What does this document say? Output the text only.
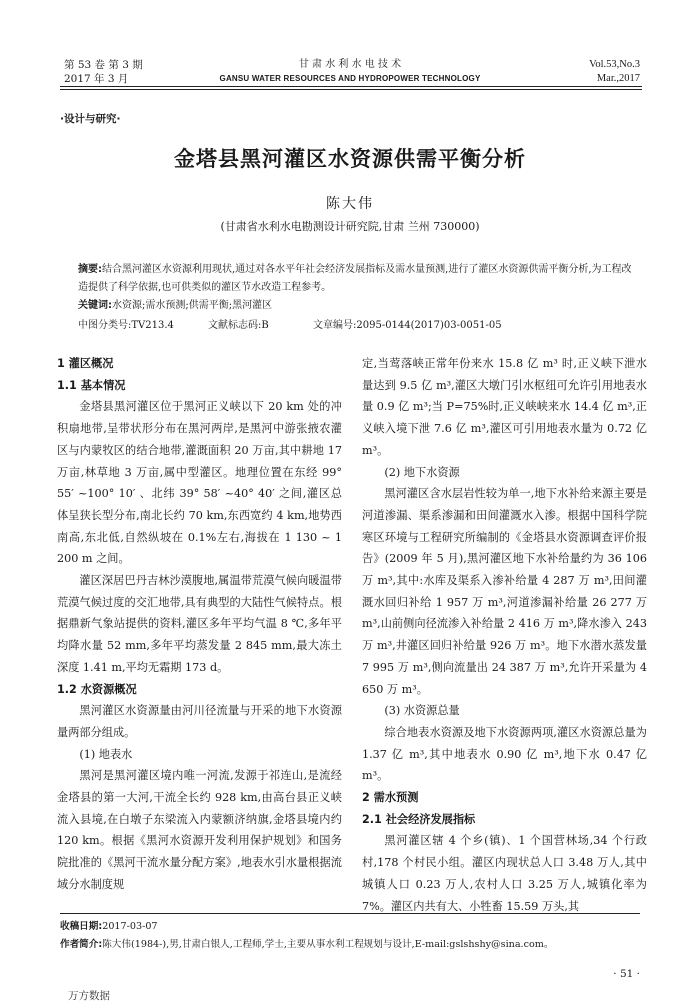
第 53 卷 第 3 期
2017 年 3 月
甘 肃 水 利 水 电 技 术
GANSU WATER RESOURCES AND HYDROPOWER TECHNOLOGY
Vol.53,No.3
Mar.,2017
·设计与研究·
金塔县黑河灌区水资源供需平衡分析
陈大伟
(甘肃省水利水电勘测设计研究院,甘肃 兰州 730000)
摘要:结合黑河灌区水资源利用现状,通过对各水平年社会经济发展指标及需水量预测,进行了灌区水资源供需平衡分析,为工程改造提供了科学依据,也可供类似的灌区节水改造工程参考。
关键词:水资源;需水预测;供需平衡;黑河灌区
中图分类号:TV213.4	文献标志码:B	文章编号:2095-0144(2017)03-0051-05
1 灌区概况
1.1 基本情况

金塔县黑河灌区位于黑河正义峡以下 20 km 处的冲积扇地带,呈带状形分布在黑河两岸,是黑河中游张掖农灌区与内蒙牧区的结合地带,灌溉面积 20 万亩,其中耕地 17 万亩,林草地 3 万亩,属中型灌区。地理位置在东经 99° 55′ ~100° 10′ 、北纬 39° 58′ ~40° 40′ 之间,灌区总体呈狭长型分布,南北长约 70 km,东西宽约 4 km,地势西南高,东北低,自然纵坡在 0.1%左右,海拔在 1 130 ~ 1 200 m 之间。

灌区深居巴丹吉林沙漠腹地,属温带荒漠气候向暖温带荒漠气候过度的交汇地带,具有典型的大陆性气候特点。根据鼎新气象站提供的资料,灌区多年平均气温 8 ℃,多年平均降水量 52 mm,多年平均蒸发量 2 845 mm,最大冻土深度 1.41 m,平均无霜期 173 d。

1.2 水资源概况

黑河灌区水资源量由河川径流量与开采的地下水资源量两部分组成。

(1) 地表水

黑河是黑河灌区境内唯一河流,发源于祁连山,是流经金塔县的第一大河,干流全长约 928 km,由高台县正义峡流入县境,在白墩子东梁流入内蒙额济纳旗,金塔县境内约 120 km。根据《黑河水资源开发利用保护规划》和国务院批准的《黑河干流水量分配方案》,地表水引水量根据流域分水制度规

定,当莺落峡正常年份来水 15.8 亿 m³ 时,正义峡下泄水量达到 9.5 亿 m³,灌区大墩门引水枢纽可允许引用地表水量 0.9 亿 m³;当 P=75%时,正义峡峡来水 14.4 亿 m³,正义峡入境下泄 7.6 亿 m³,灌区可引用地表水量为 0.72 亿 m³。

(2) 地下水资源

黑河灌区含水层岩性较为单一,地下水补给来源主要是河道渗漏、渠系渗漏和田间灌溉水入渗。根据中国科学院寒区环境与工程研究所编制的《金塔县水资源调查评价报告》(2009 年 5 月),黑河灌区地下水补给量约为 36 106 万 m³,其中:水库及渠系入渗补给量 4 287 万 m³,田间灌溉水回归补给 1 957 万 m³,河道渗漏补给量 26 277 万 m³,山前侧向径流渗入补给量 2 416 万 m³,降水渗入 243 万 m³,井灌区回归补给量 926 万 m³。地下水潜水蒸发量 7 995 万 m³,侧向流量出 24 387 万 m³,允许开采量为 4 650 万 m³。

(3) 水资源总量

综合地表水资源及地下水资源两项,灌区水资源总量为 1.37 亿 m³,其中地表水 0.90 亿 m³,地下水 0.47 亿 m³。

2 需水预测
2.1 社会经济发展指标

黑河灌区辖 4 个乡(镇)、1 个国营林场,34 个行政村,178 个村民小组。灌区内现状总人口 3.48 万人,其中城镇人口 0.23 万人,农村人口 3.25 万人,城镇化率为 7%。灌区内共有大、小牲畜 15.59 万头,其

收稿日期:2017-03-07
作者简介:陈大伟(1984-),男,甘肃白银人,工程师,学士,主要从事水利工程规划与设计,E-mail:gslshshy@sina.com。
· 51 ·
万方数据
